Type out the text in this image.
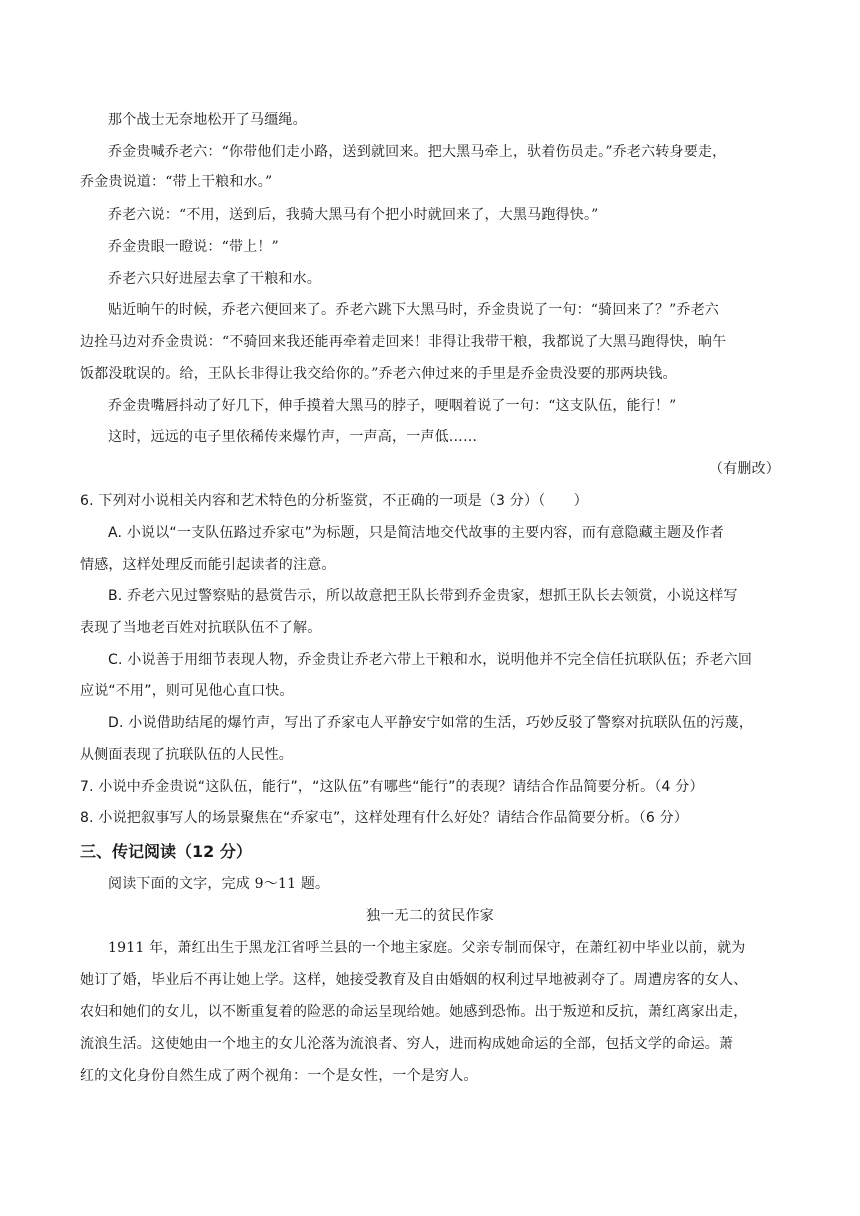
那个战士无奈地松开了马缰绳。
乔金贵喊乔老六：“你带他们走小路，送到就回来。把大黑马牵上，驮着伤员走。”乔老六转身要走，
乔金贵说道：“带上干粮和水。”
乔老六说：“不用，送到后，我骑大黑马有个把小时就回来了，大黑马跑得快。”
乔金贵眼一瞪说：“带上！”
乔老六只好进屋去拿了干粮和水。
贴近晌午的时候，乔老六便回来了。乔老六跳下大黑马时，乔金贵说了一句：“骑回来了？”乔老六
边拴马边对乔金贵说：“不骑回来我还能再牵着走回来！非得让我带干粮，我都说了大黑马跑得快，晌午
饭都没耽误的。给，王队长非得让我交给你的。”乔老六伸过来的手里是乔金贵没要的那两块钱。
乔金贵嘴唇抖动了好几下，伸手摸着大黑马的脖子，哽咽着说了一句：“这支队伍，能行！”
这时，远远的屯子里依稀传来爆竹声，一声高，一声低……
（有删改）
6. 下列对小说相关内容和艺术特色的分析鉴赏，不正确的一项是（3 分）（　　）
A. 小说以“一支队伍路过乔家屯”为标题，只是简洁地交代故事的主要内容，而有意隐藏主题及作者
情感，这样处理反而能引起读者的注意。
B. 乔老六见过警察贴的悬赏告示，所以故意把王队长带到乔金贵家，想抓王队长去领赏，小说这样写
表现了当地老百姓对抗联队伍不了解。
C. 小说善于用细节表现人物，乔金贵让乔老六带上干粮和水，说明他并不完全信任抗联队伍；乔老六回
应说“不用”，则可见他心直口快。
D. 小说借助结尾的爆竹声，写出了乔家屯人平静安宁如常的生活，巧妙反驳了警察对抗联队伍的污蔑，
从侧面表现了抗联队伍的人民性。
7. 小说中乔金贵说“这队伍，能行”，“这队伍”有哪些“能行”的表现？请结合作品简要分析。（4 分）
8. 小说把叙事写人的场景聚焦在“乔家屯”，这样处理有什么好处？请结合作品简要分析。（6 分）
三、传记阅读（12 分）
阅读下面的文字，完成 9～11 题。
独一无二的贫民作家
1911 年，萧红出生于黑龙江省呼兰县的一个地主家庭。父亲专制而保守，在萧红初中毕业以前，就为
她订了婚，毕业后不再让她上学。这样，她接受教育及自由婚姻的权利过早地被剥夺了。周遭房客的女人、
农妇和她们的女儿，以不断重复着的险恶的命运呈现给她。她感到恐怖。出于叛逆和反抗，萧红离家出走，
流浪生活。这使她由一个地主的女儿沦落为流浪者、穷人，进而构成她命运的全部，包括文学的命运。萧
红的文化身份自然生成了两个视角：一个是女性，一个是穷人。
